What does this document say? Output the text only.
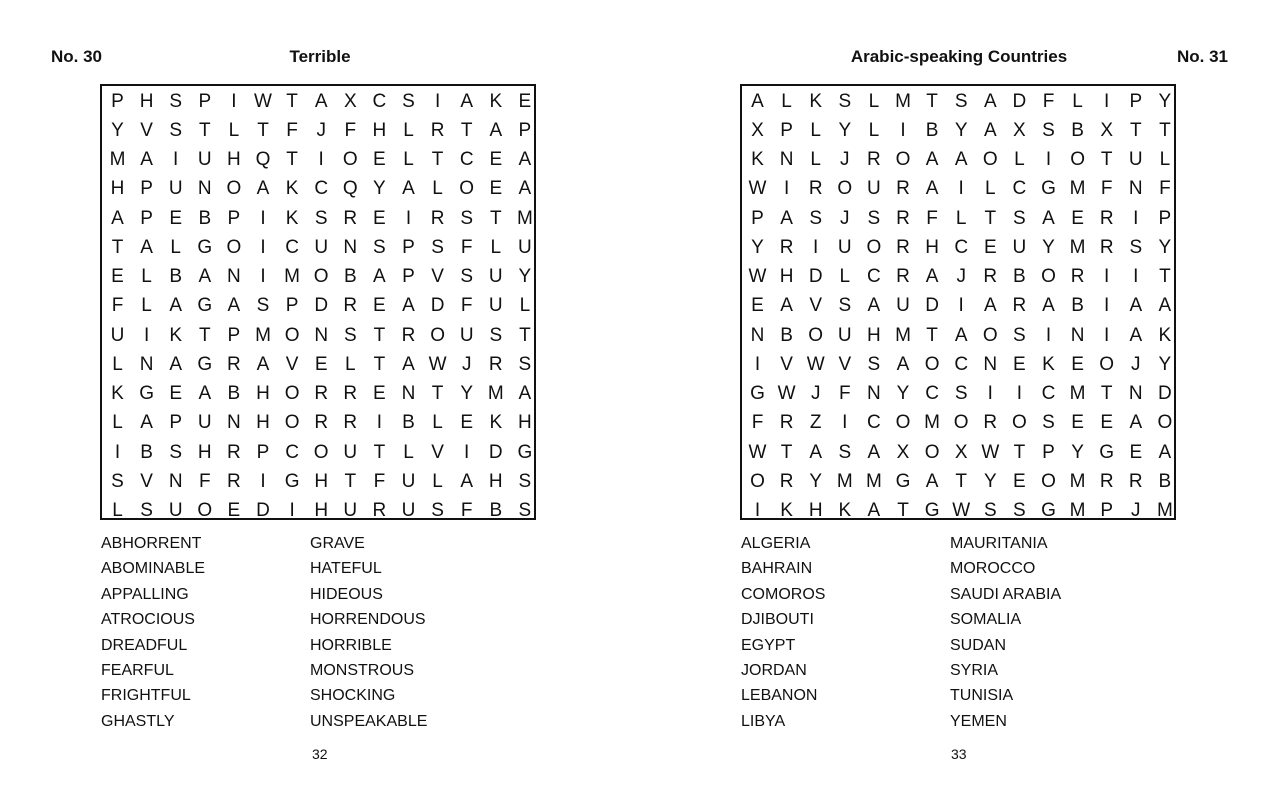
No. 30	Terrible
P H S P	I W T A X C S	I	A K E
Y V S T L T F J F H L R T A P
M A	I	U H Q T	I	O E L T C E A
H P U N O A K C Q Y A L O E A
A P E B P	I	K S R E	I	R S T M
T A L G O	I	C U N S P S F L U
E L B A N	I M O B A P V S U Y
F L A G A S P D R E A D F U L
U	I	K T P M O N S T R O U S T
L N A G R A V E L T A W J R S
K G E A B H O R R E N T Y M A
L A P U N H O R R	I	B L E K H
I	B S H R P C O U T L V	I	D G
S V N F R	I	G H T F U L A H S
L S U O E D	I	H U R U S F B S
ABHORRENT
ABOMINABLE
APPALLING
ATROCIOUS
DREADFUL
FEARFUL
FRIGHTFUL
GHASTLY
GRAVE
HATEFUL
HIDEOUS
HORRENDOUS
HORRIBLE
MONSTROUS
SHOCKING
UNSPEAKABLE
32
Arabic-speaking Countries	No. 31
A L K S L M T S A D F L	I	P Y
X P L Y L	I	B Y A X S B X T T
K N L	J R O A A O L	I	O T U L
W I	R O U R A	I	L C G M F N F
P A S J S R F L T S A E R	I	P
Y R	I	U O R H C E U Y M R S Y
W H D L C R A J R B O R	I	I	T
E A V S A U D	I	A R A B	I	A A
N B O U H M T A O S	I	N	I	A K
I	V W V S A O C N E K E O J Y
G W J F N Y C S	I	I	C M T N D
F R Z	I	C O M O R O S E E A O
W T A S A X O X W T P Y G E A
O R Y M M G A T Y E O M R R B
I	K H K A T G W S S G M P J M
ALGERIA
BAHRAIN
COMOROS
DJIBOUTI
EGYPT
JORDAN
LEBANON
LIBYA
MAURITANIA
MOROCCO
SAUDI ARABIA
SOMALIA
SUDAN
SYRIA
TUNISIA
YEMEN
33
